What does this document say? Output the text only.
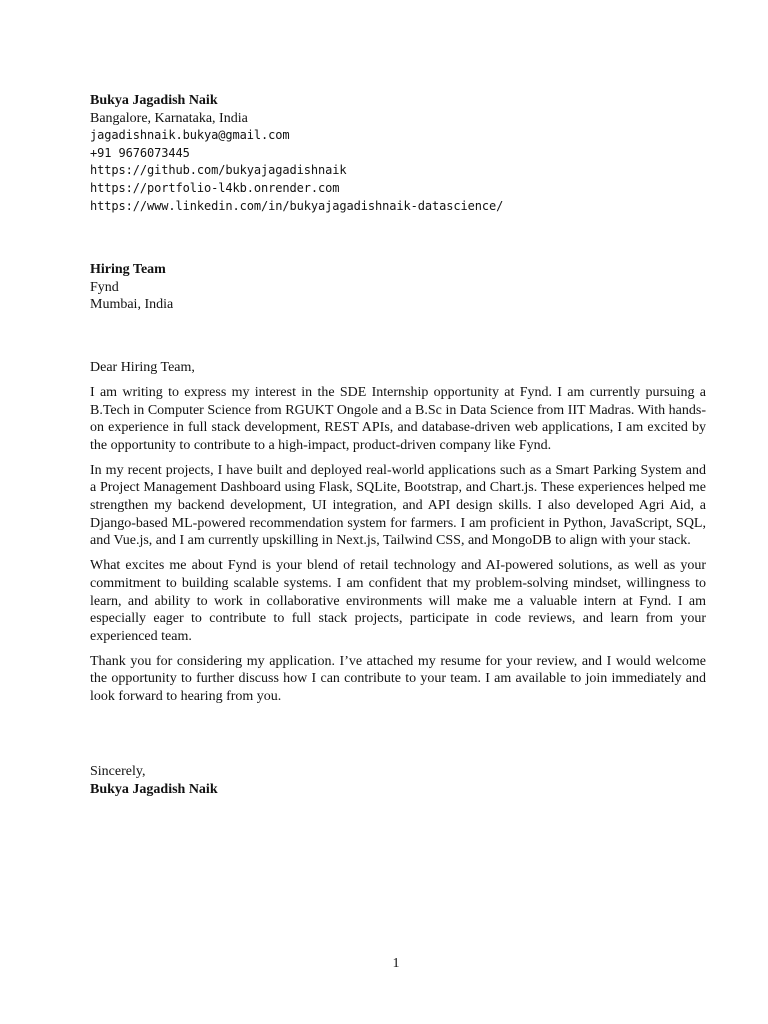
Bukya Jagadish Naik
Bangalore, Karnataka, India
jagadishnaik.bukya@gmail.com
+91 9676073445
https://github.com/bukyajagadishnaik
https://portfolio-l4kb.onrender.com
https://www.linkedin.com/in/bukyajagadishnaik-datascience/
Hiring Team
Fynd
Mumbai, India
Dear Hiring Team,

I am writing to express my interest in the SDE Internship opportunity at Fynd. I am currently pursuing a B.Tech in Computer Science from RGUKT Ongole and a B.Sc in Data Science from IIT Madras. With hands-on experience in full stack development, REST APIs, and database-driven web applications, I am excited by the opportunity to contribute to a high-impact, product-driven company like Fynd.

In my recent projects, I have built and deployed real-world applications such as a Smart Parking System and a Project Management Dashboard using Flask, SQLite, Bootstrap, and Chart.js. These experiences helped me strengthen my backend development, UI integration, and API design skills. I also developed Agri Aid, a Django-based ML-powered recommendation system for farmers. I am proficient in Python, JavaScript, SQL, and Vue.js, and I am currently upskilling in Next.js, Tailwind CSS, and MongoDB to align with your stack.

What excites me about Fynd is your blend of retail technology and AI-powered solutions, as well as your commitment to building scalable systems. I am confident that my problem-solving mindset, willingness to learn, and ability to work in collaborative environments will make me a valuable intern at Fynd. I am especially eager to contribute to full stack projects, participate in code reviews, and learn from your experienced team.

Thank you for considering my application. I’ve attached my resume for your review, and I would welcome the opportunity to further discuss how I can contribute to your team. I am available to join immediately and look forward to hearing from you.

Sincerely,
Bukya Jagadish Naik
1
